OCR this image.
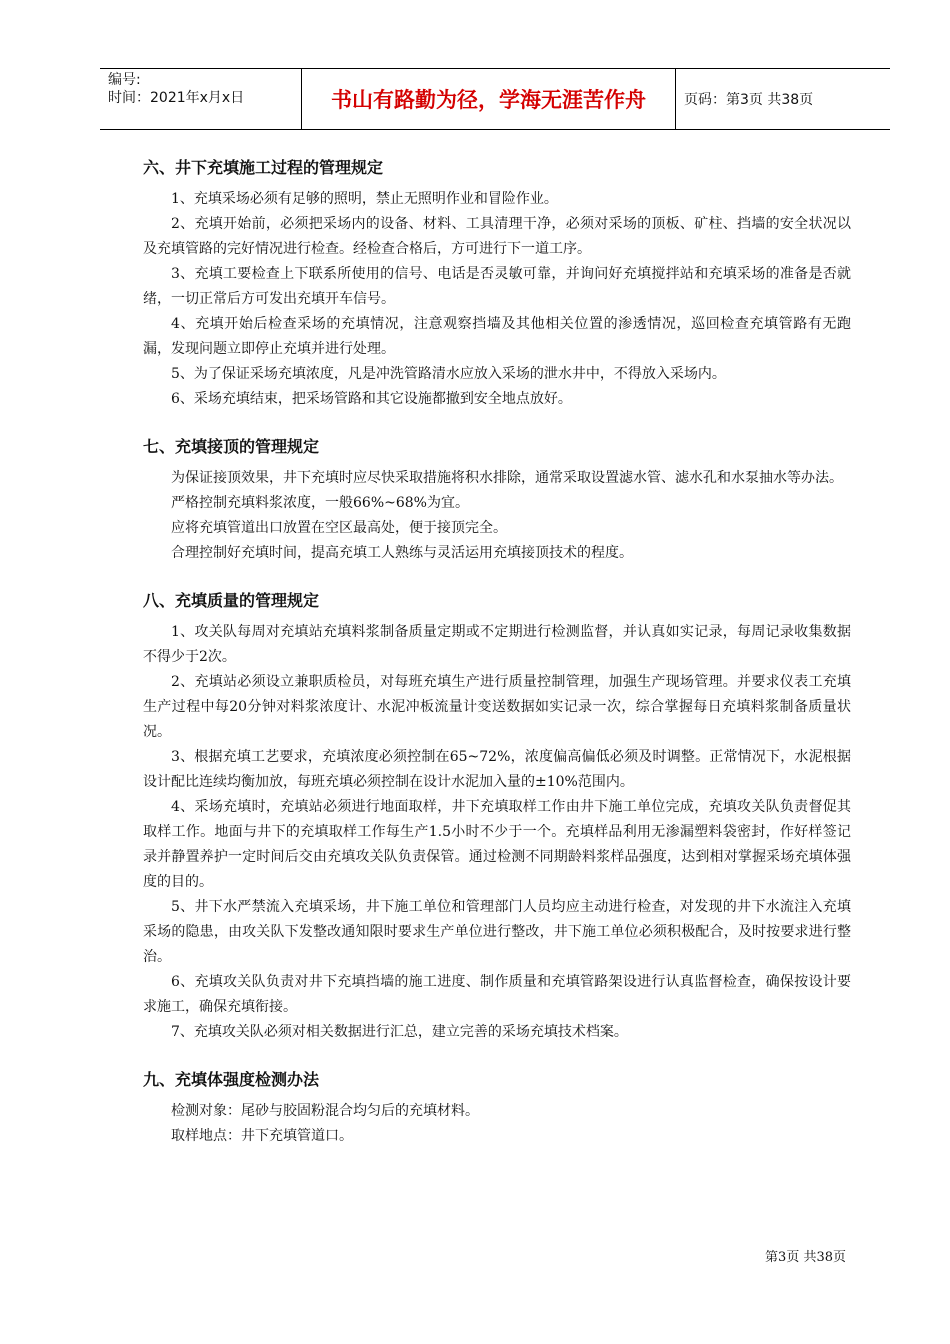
编号:
时间：2021年x月x日	书山有路勤为径，学海无涯苦作舟	页码：第3页 共38页
六、井下充填施工过程的管理规定

1、充填采场必须有足够的照明，禁止无照明作业和冒险作业。

2、充填开始前，必须把采场内的设备、材料、工具清理干净，必须对采场的顶板、矿柱、挡墙的安全状况以及充填管路的完好情况进行检查。经检查合格后，方可进行下一道工序。

3、充填工要检查上下联系所使用的信号、电话是否灵敏可靠，并询问好充填搅拌站和充填采场的准备是否就绪，一切正常后方可发出充填开车信号。

4、充填开始后检查采场的充填情况，注意观察挡墙及其他相关位置的渗透情况，巡回检查充填管路有无跑漏，发现问题立即停止充填并进行处理。

5、为了保证采场充填浓度，凡是冲洗管路清水应放入采场的泄水井中，不得放入采场内。

6、采场充填结束，把采场管路和其它设施都撤到安全地点放好。

七、充填接顶的管理规定

为保证接顶效果，井下充填时应尽快采取措施将积水排除，通常采取设置滤水管、滤水孔和水泵抽水等办法。

严格控制充填料浆浓度，一般66%~68%为宜。

应将充填管道出口放置在空区最高处，便于接顶完全。

合理控制好充填时间，提高充填工人熟练与灵活运用充填接顶技术的程度。

八、充填质量的管理规定

1、攻关队每周对充填站充填料浆制备质量定期或不定期进行检测监督，并认真如实记录，每周记录收集数据不得少于2次。

2、充填站必须设立兼职质检员，对每班充填生产进行质量控制管理，加强生产现场管理。并要求仪表工充填生产过程中每20分钟对料浆浓度计、水泥冲板流量计变送数据如实记录一次，综合掌握每日充填料浆制备质量状况。

3、根据充填工艺要求，充填浓度必须控制在65~72%，浓度偏高偏低必须及时调整。正常情况下，水泥根据设计配比连续均衡加放，每班充填必须控制在设计水泥加入量的±10%范围内。

4、采场充填时，充填站必须进行地面取样，井下充填取样工作由井下施工单位完成，充填攻关队负责督促其取样工作。地面与井下的充填取样工作每生产1.5小时不少于一个。充填样品利用无渗漏塑料袋密封，作好样签记录并静置养护一定时间后交由充填攻关队负责保管。通过检测不同期龄料浆样品强度，达到相对掌握采场充填体强度的目的。

5、井下水严禁流入充填采场，井下施工单位和管理部门人员均应主动进行检查，对发现的井下水流注入充填采场的隐患，由攻关队下发整改通知限时要求生产单位进行整改，井下施工单位必须积极配合，及时按要求进行整治。

6、充填攻关队负责对井下充填挡墙的施工进度、制作质量和充填管路架设进行认真监督检查，确保按设计要求施工，确保充填衔接。

7、充填攻关队必须对相关数据进行汇总，建立完善的采场充填技术档案。

九、充填体强度检测办法

检测对象：尾砂与胶固粉混合均匀后的充填材料。

取样地点：井下充填管道口。

第3页 共38页
